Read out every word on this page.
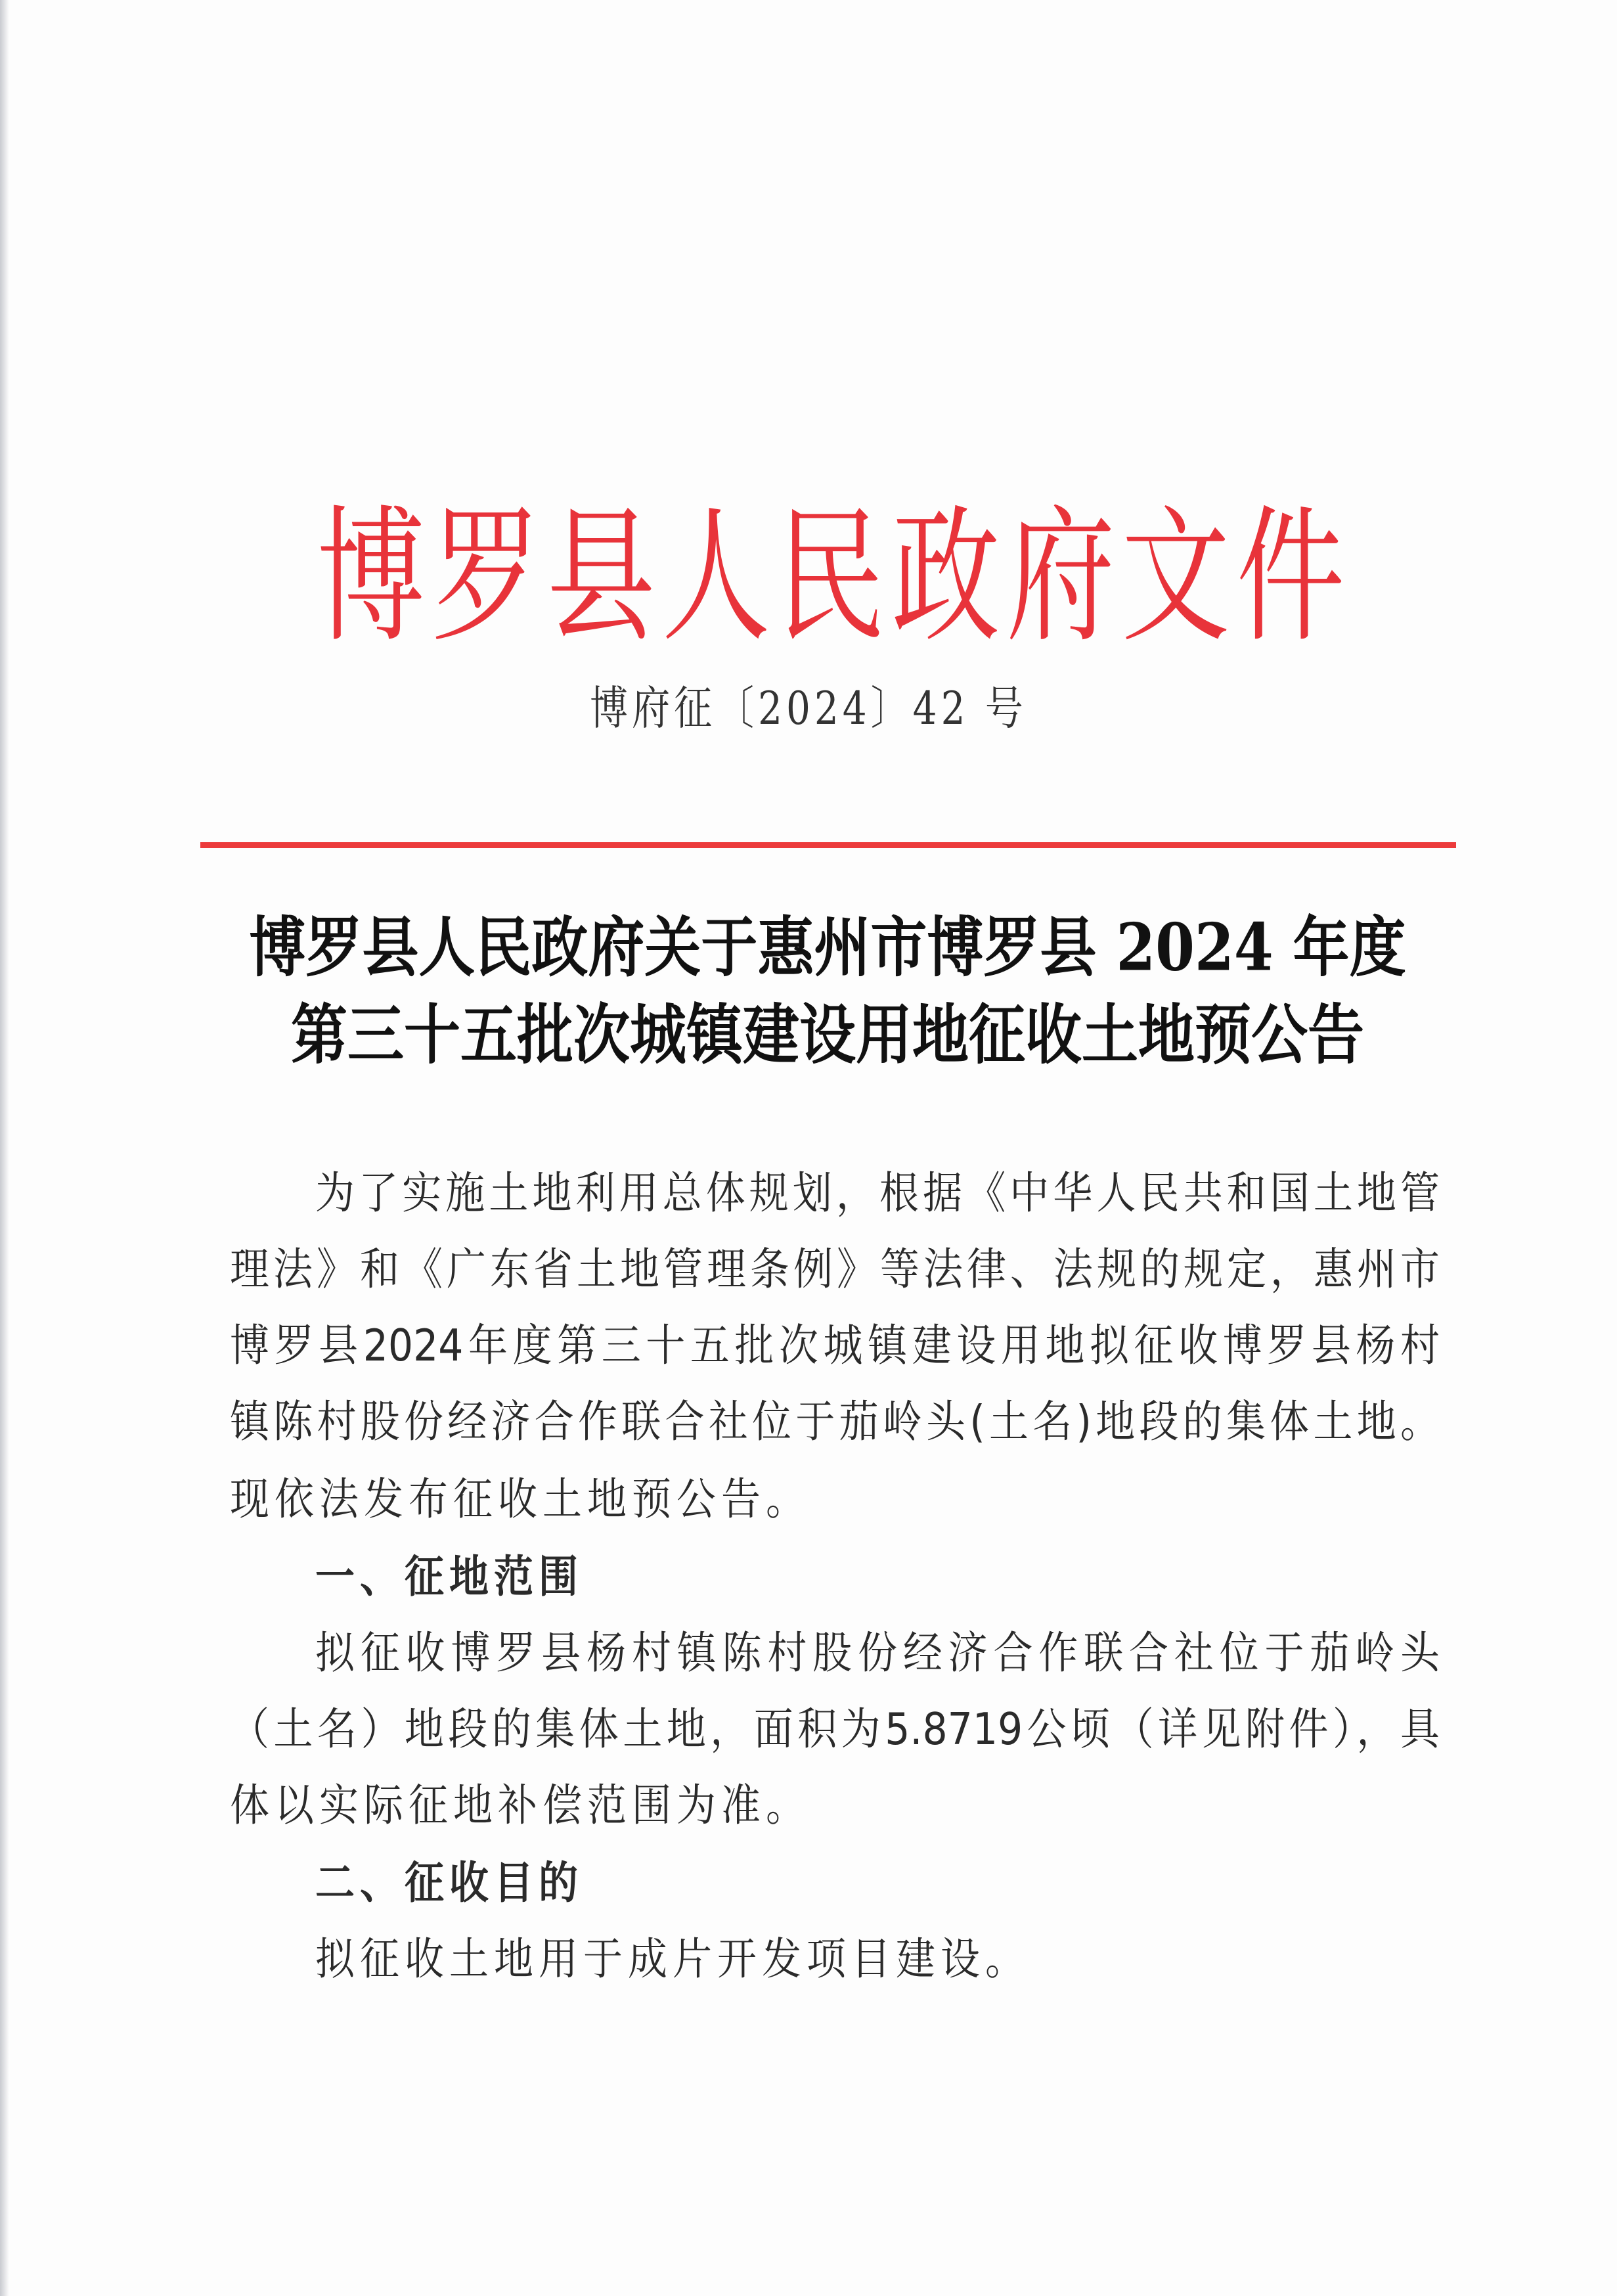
博罗县人民政府文件
博府征〔2024〕42 号
博罗县人民政府关于惠州市博罗县 2024 年度
第三十五批次城镇建设用地征收土地预公告
为了实施土地利用总体规划，根据《中华人民共和国土地管
理法》和《广东省土地管理条例》等法律、法规的规定，惠州市
博罗县2024年度第三十五批次城镇建设用地拟征收博罗县杨村
镇陈村股份经济合作联合社位于茄岭头(土名)地段的集体土地。
现依法发布征收土地预公告。
一、征地范围
拟征收博罗县杨村镇陈村股份经济合作联合社位于茄岭头
（土名）地段的集体土地，面积为5.8719公顷（详见附件），具
体以实际征地补偿范围为准。
二、征收目的
拟征收土地用于成片开发项目建设。
